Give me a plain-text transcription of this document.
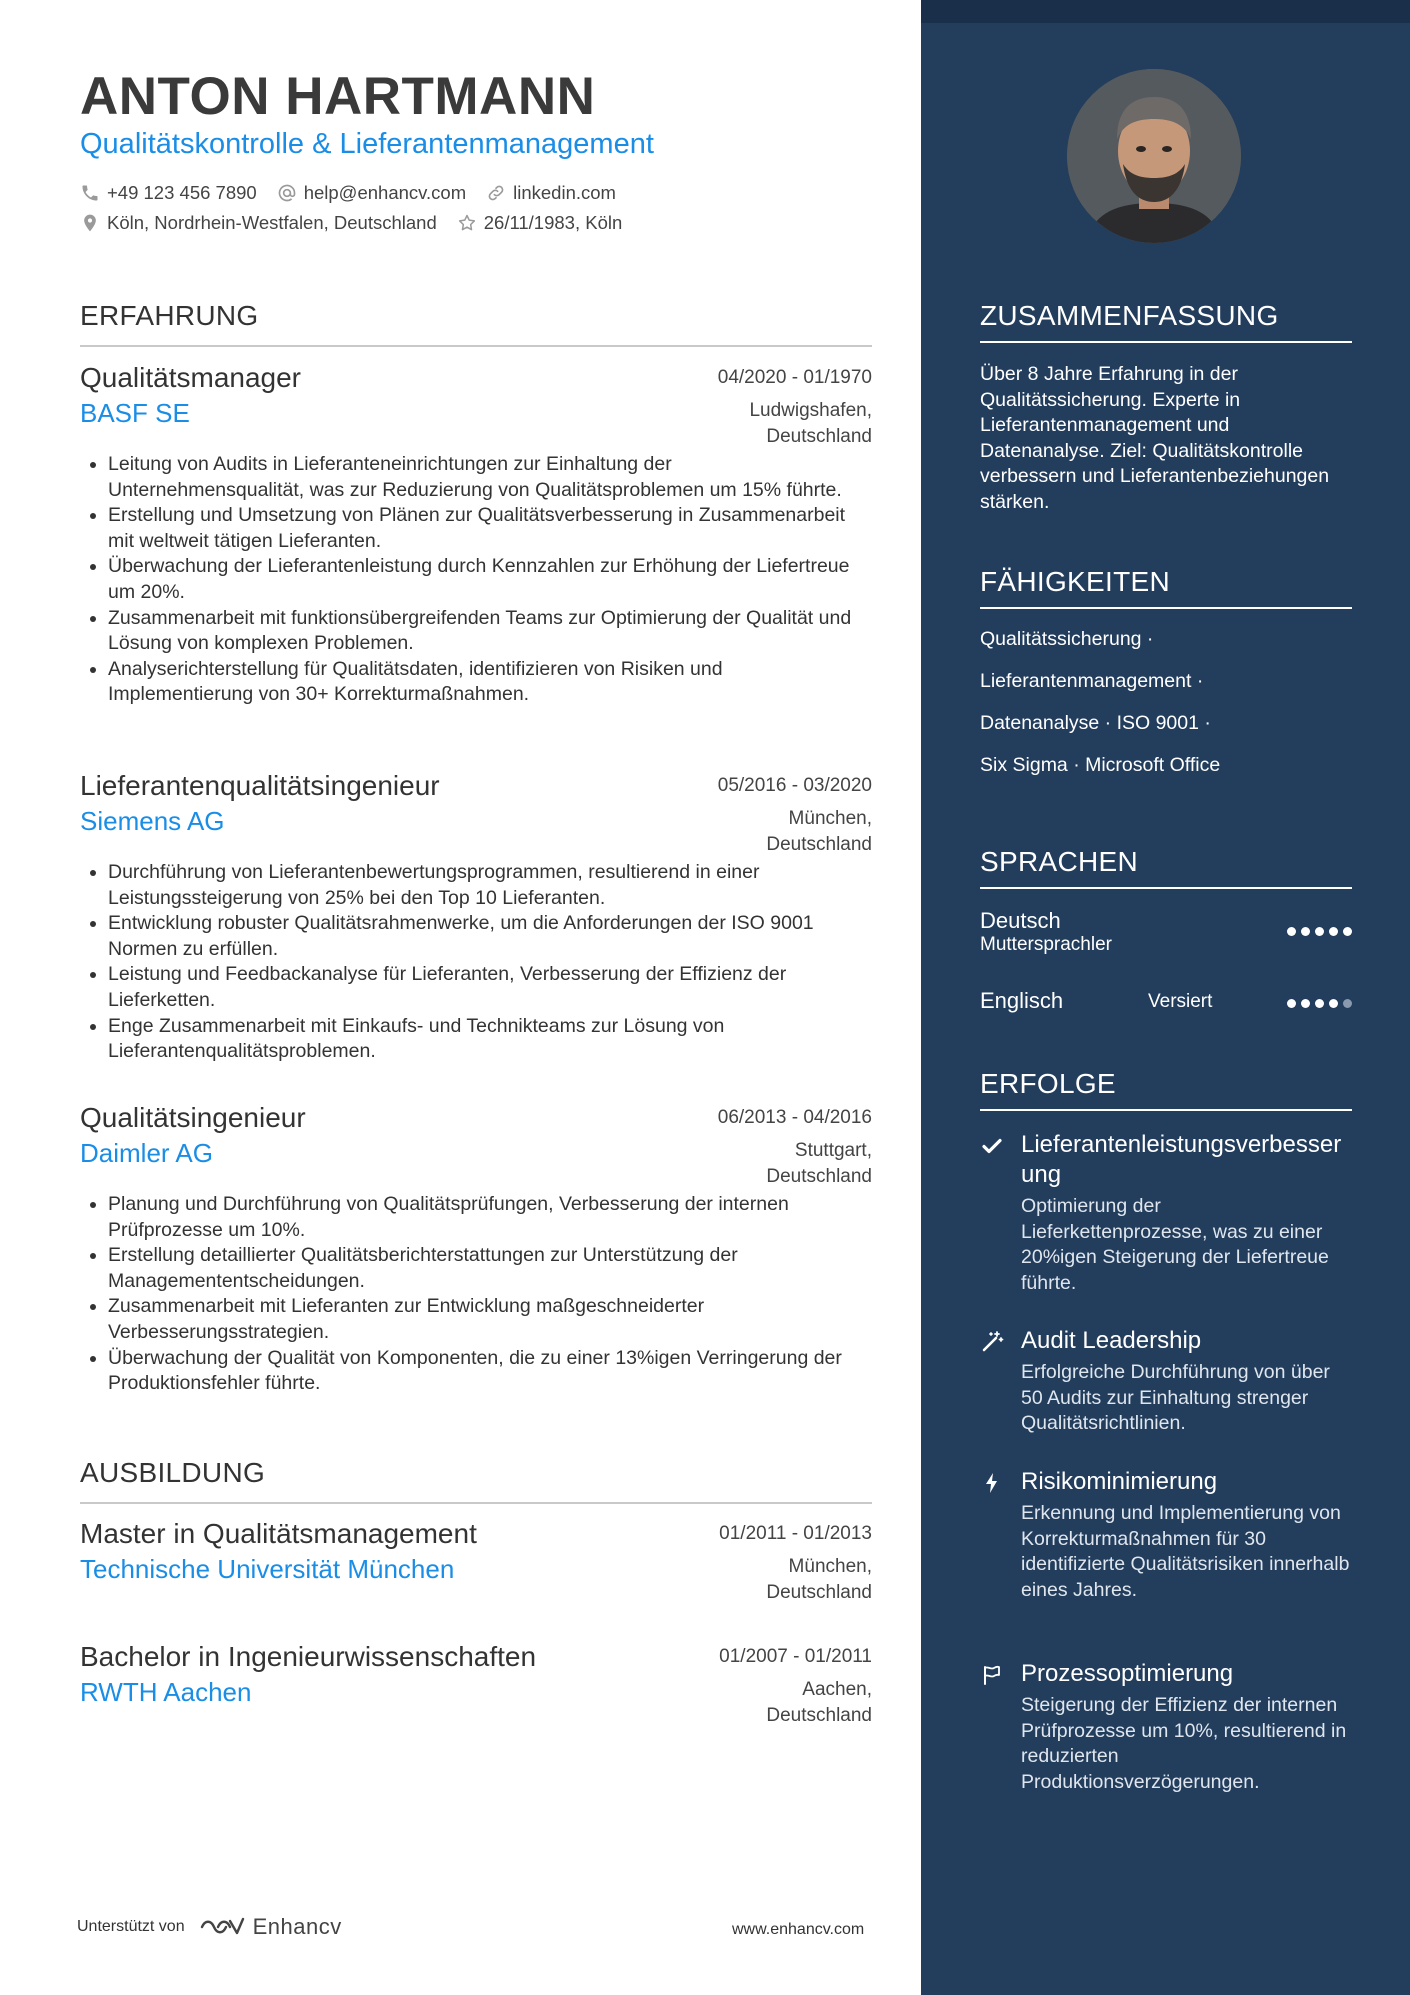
ANTON HARTMANN
Qualitätskontrolle & Lieferantenmanagement
+49 123 456 7890	help@enhancv.com	linkedin.com
Köln, Nordrhein-Westfalen, Deutschland	26/11/1983, Köln
ERFAHRUNG
Qualitätsmanager	04/2020 - 01/1970
BASF SE	Ludwigshafen, Deutschland
Leitung von Audits in Lieferanteneinrichtungen zur Einhaltung der Unternehmensqualität, was zur Reduzierung von Qualitätsproblemen um 15% führte.
Erstellung und Umsetzung von Plänen zur Qualitätsverbesserung in Zusammenarbeit mit weltweit tätigen Lieferanten.
Überwachung der Lieferantenleistung durch Kennzahlen zur Erhöhung der Liefertreue um 20%.
Zusammenarbeit mit funktionsübergreifenden Teams zur Optimierung der Qualität und Lösung von komplexen Problemen.
Analyserichterstellung für Qualitätsdaten, identifizieren von Risiken und Implementierung von 30+ Korrekturmaßnahmen.
Lieferantenqualitätsingenieur	05/2016 - 03/2020
Siemens AG	München, Deutschland
Durchführung von Lieferantenbewertungsprogrammen, resultierend in einer Leistungssteigerung von 25% bei den Top 10 Lieferanten.
Entwicklung robuster Qualitätsrahmenwerke, um die Anforderungen der ISO 9001 Normen zu erfüllen.
Leistung und Feedbackanalyse für Lieferanten, Verbesserung der Effizienz der Lieferketten.
Enge Zusammenarbeit mit Einkaufs- und Technikteams zur Lösung von Lieferantenqualitätsproblemen.
Qualitätsingenieur	06/2013 - 04/2016
Daimler AG	Stuttgart, Deutschland
Planung und Durchführung von Qualitätsprüfungen, Verbesserung der internen Prüfprozesse um 10%.
Erstellung detaillierter Qualitätsberichterstattungen zur Unterstützung der Managemententscheidungen.
Zusammenarbeit mit Lieferanten zur Entwicklung maßgeschneiderter Verbesserungsstrategien.
Überwachung der Qualität von Komponenten, die zu einer 13%igen Verringerung der Produktionsfehler führte.
AUSBILDUNG
Master in Qualitätsmanagement	01/2011 - 01/2013
Technische Universität München	München, Deutschland
Bachelor in Ingenieurwissenschaften	01/2007 - 01/2011
RWTH Aachen	Aachen, Deutschland
Unterstützt von	Enhancv	www.enhancv.com
ZUSAMMENFASSUNG
Über 8 Jahre Erfahrung in der Qualitätssicherung. Experte in Lieferantenmanagement und Datenanalyse. Ziel: Qualitätskontrolle verbessern und Lieferantenbeziehungen stärken.
FÄHIGKEITEN
Qualitätssicherung ·
Lieferantenmanagement ·
Datenanalyse · ISO 9001 ·
Six Sigma · Microsoft Office
SPRACHEN
Deutsch
Muttersprachler
Englisch	Versiert
ERFOLGE
Lieferantenleistungsverbesserung
Optimierung der Lieferkettenprozesse, was zu einer 20%igen Steigerung der Liefertreue führte.
Audit Leadership
Erfolgreiche Durchführung von über 50 Audits zur Einhaltung strenger Qualitätsrichtlinien.
Risikominimierung
Erkennung und Implementierung von Korrekturmaßnahmen für 30 identifizierte Qualitätsrisiken innerhalb eines Jahres.
Prozessoptimierung
Steigerung der Effizienz der internen Prüfprozesse um 10%, resultierend in reduzierten Produktionsverzögerungen.
